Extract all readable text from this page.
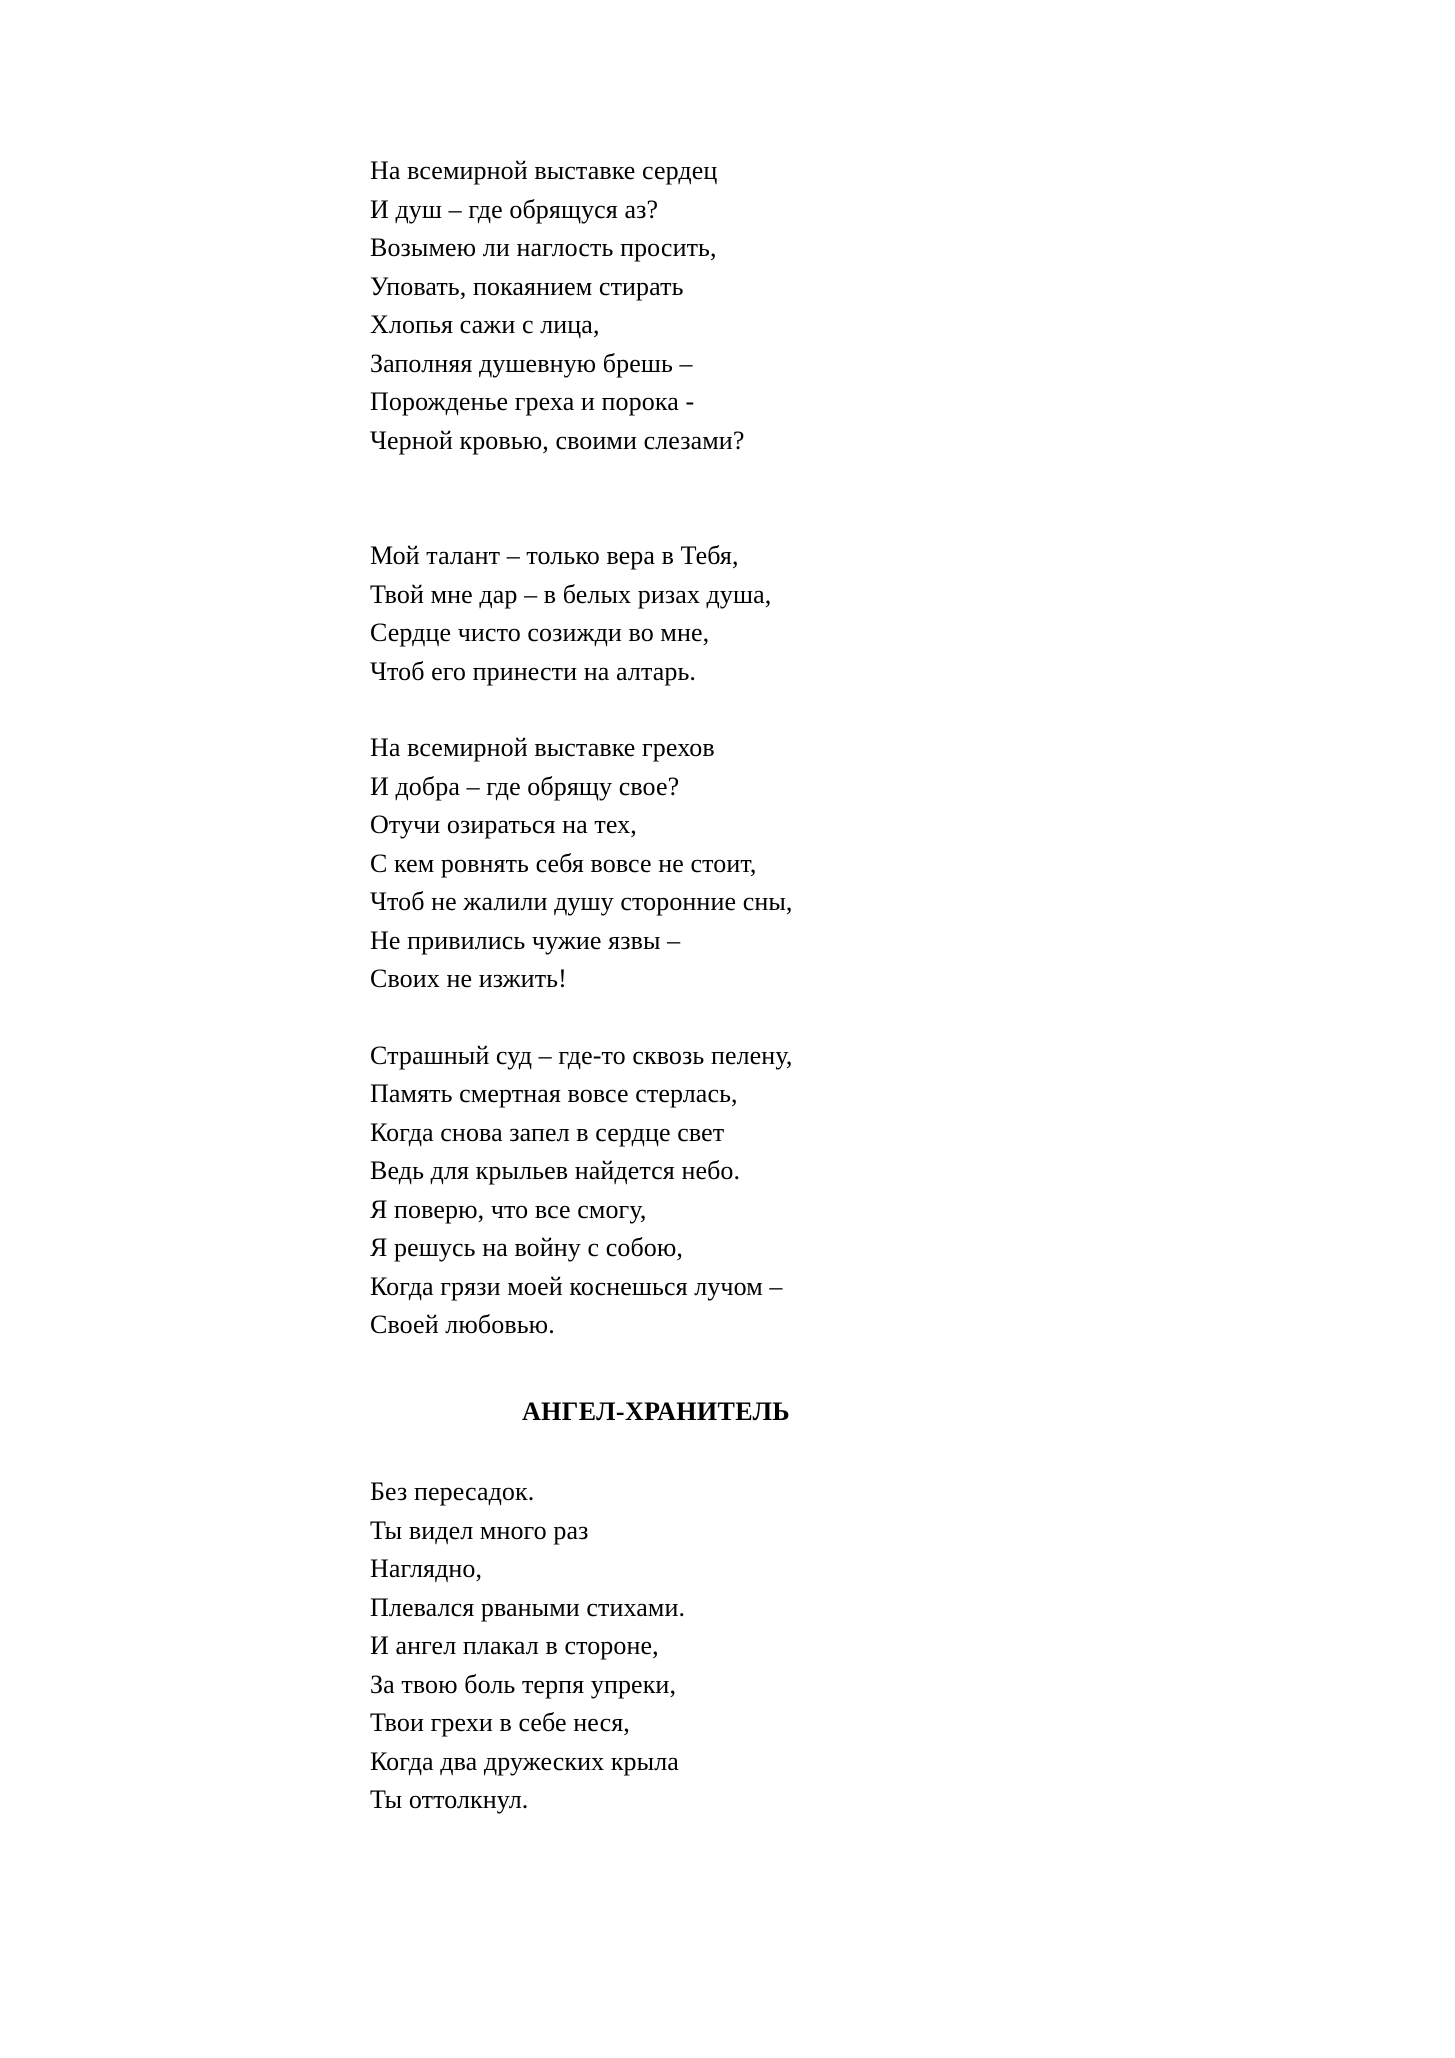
На всемирной выставке сердец
И душ – где обрящуся аз?
Возымею ли наглость просить,
Уповать, покаянием стирать
Хлопья сажи с лица,
Заполняя душевную брешь –
Порожденье греха и порока -
Черной кровью, своими слезами?
Мой талант – только вера в Тебя,
Твой мне дар – в белых ризах душа,
Сердце чисто созижди во мне,
Чтоб его принести на алтарь.
На всемирной выставке грехов
И добра – где обрящу свое?
Отучи озираться на тех,
С кем ровнять себя вовсе не стоит,
Чтоб не жалили душу сторонние сны,
Не привились чужие язвы –
Своих не изжить!
Страшный суд – где-то сквозь пелену,
Память смертная вовсе стерлась,
Когда снова запел в сердце свет
Ведь для крыльев найдется небо.
Я поверю, что все смогу,
Я решусь на войну с собою,
Когда грязи моей коснешься лучом –
Своей любовью.
АНГЕЛ-ХРАНИТЕЛЬ
Без пересадок.
Ты видел много раз
Наглядно,
Плевался рваными стихами.
И ангел плакал в стороне,
За твою боль терпя упреки,
Твои грехи в себе неся,
Когда два дружеских крыла
Ты оттолкнул.
